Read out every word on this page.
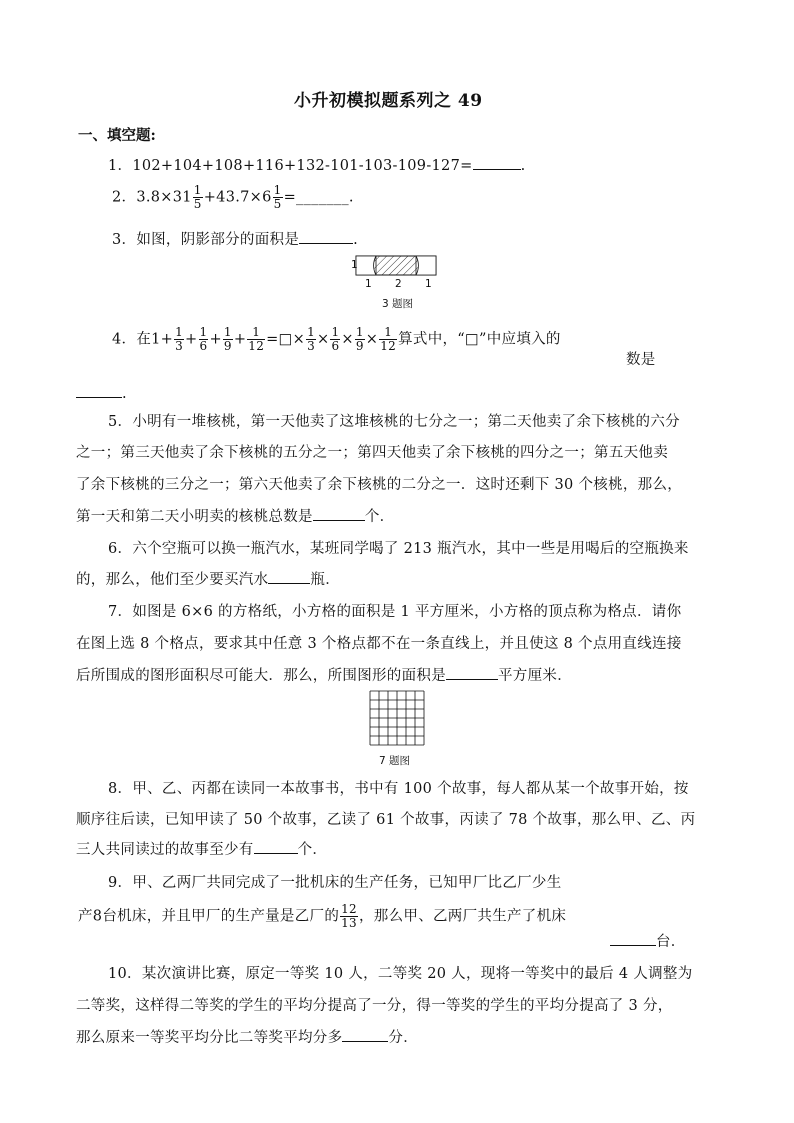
小升初模拟题系列之 49
一、填空题:
1．102+104+108+116+132-101-103-109-127=	.
2．$3.8\times 31 \frac{1}{5} +43.7\times 6 \frac{1}{5}$ =_______.
3．如图，阴影部分的面积是	.
1
1 2 1
3 题图
4．在$1+ \frac{1}{3} + \frac{1}{6} + \frac{1}{9} + \frac{1}{12}$ =□× $\frac{1}{3} \times \frac{1}{6} \times \frac{1}{9} \times \frac{1}{12}$ 算式中，“□”中应填入的
数是
.
5．小明有一堆核桃，第一天他卖了这堆核桃的七分之一；第二天他卖了余下核桃的六分
之一；第三天他卖了余下核桃的五分之一；第四天他卖了余下核桃的四分之一；第五天他卖
了余下核桃的三分之一；第六天他卖了余下核桃的二分之一．这时还剩下 30 个核桃，那么，
第一天和第二天小明卖的核桃总数是	个．
6．六个空瓶可以换一瓶汽水，某班同学喝了 213 瓶汽水，其中一些是用喝后的空瓶换来
的，那么，他们至少要买汽水	瓶．
7．如图是 6×6 的方格纸，小方格的面积是 1 平方厘米，小方格的顶点称为格点．请你
在图上选 8 个格点，要求其中任意 3 个格点都不在一条直线上，并且使这 8 个点用直线连接
后所围成的图形面积尽可能大．那么，所围图形的面积是	平方厘米．
7 题图
8．甲、乙、丙都在读同一本故事书，书中有 100 个故事，每人都从某一个故事开始，按
顺序往后读，已知甲读了 50 个故事，乙读了 61 个故事，丙读了 78 个故事，那么甲、乙、丙
三人共同读过的故事至少有	个．
9．甲、乙两厂共同完成了一批机床的生产任务，已知甲厂比乙厂少生
产8台机床，并且甲厂的生产量是乙厂的 $\frac{12}{13}$ ，那么甲、乙两厂共生产了机床
台．
10．某次演讲比赛，原定一等奖 10 人，二等奖 20 人，现将一等奖中的最后 4 人调整为
二等奖，这样得二等奖的学生的平均分提高了一分，得一等奖的学生的平均分提高了 3 分，
那么原来一等奖平均分比二等奖平均分多	分．
